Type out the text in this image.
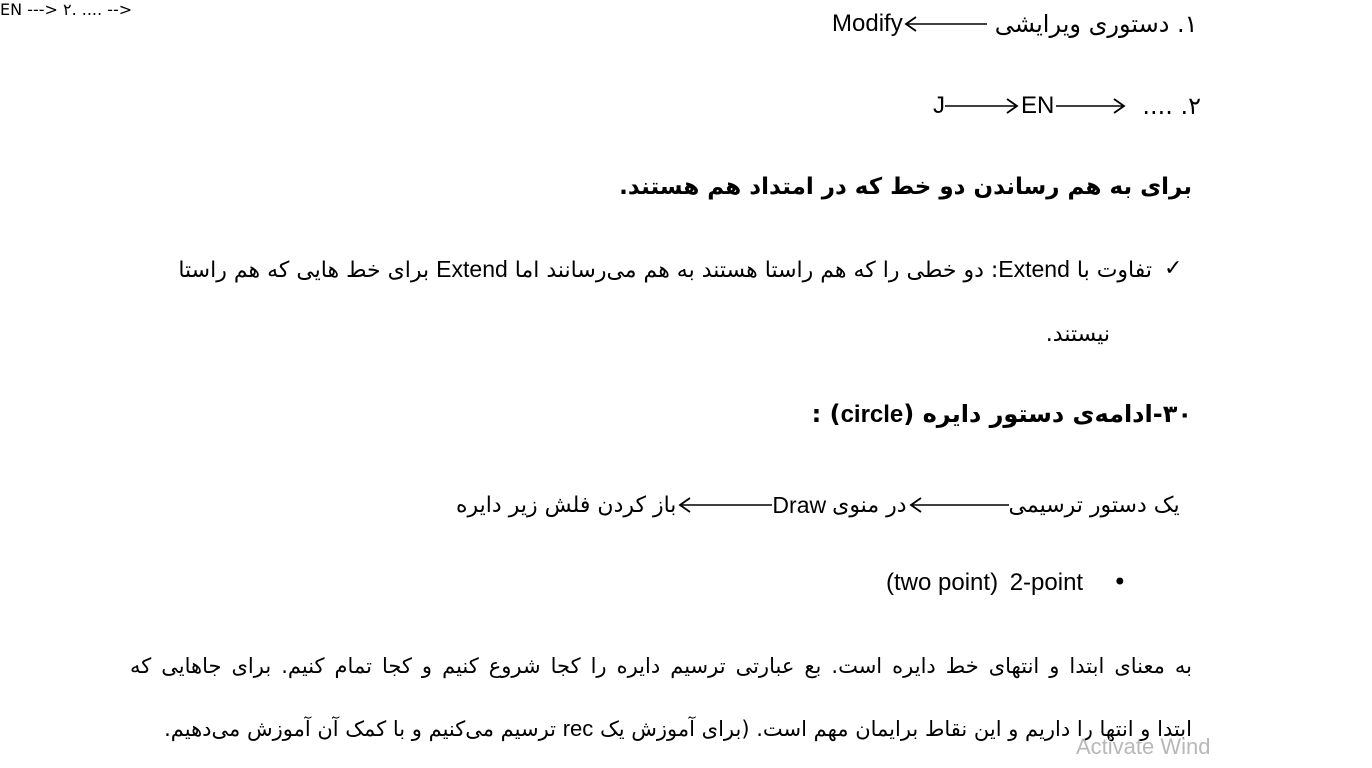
Modify	۱. دستوری ویرایشی
EN ---> ۲. .... -->
J	EN	۲. ....
برای به هم رساندن دو خط که در امتداد هم هستند.
تفاوت با Extend: دو خطی را که هم راستا هستند به هم می‌رسانند اما Extend برای خط هایی که هم راستا	✓
نیستند.
۳۰-ادامه‌ی دستور دایره (circle) :
باز کردن فلش زیر دایره	Draw در منوی	یک دستور ترسیمی
(two point) 2-point •
به معنای ابتدا و انتهای خط دایره است. بع عبارتی ترسیم دایره را کجا شروع کنیم و کجا تمام کنیم. برای جاهایی که
ابتدا و انتها را داریم و این نقاط برایمان مهم است. (برای آموزش یک rec ترسیم می‌کنیم و با کمک آن آموزش می‌دهیم.
Activate Wind
